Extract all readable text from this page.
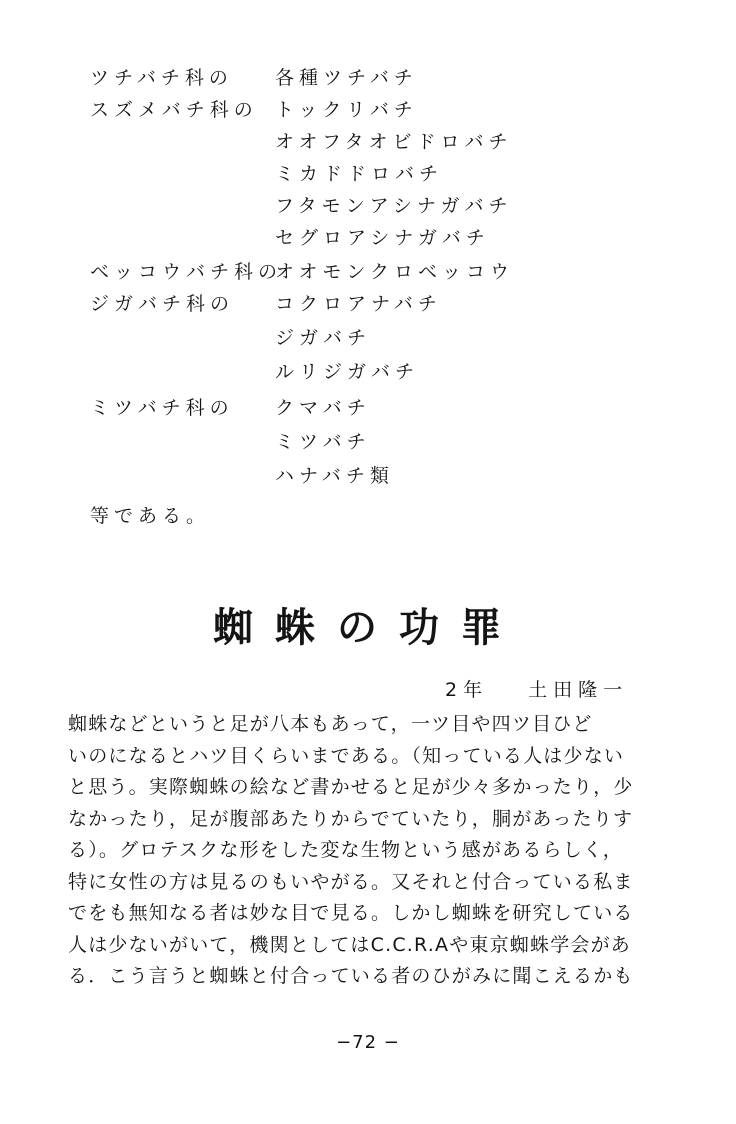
ツチバチ科の 各種ツチバチ
スズメバチ科の トックリバチ
オオフタオビドロバチ
ミカドドロバチ
フタモンアシナガバチ
セグロアシナガバチ
ベッコウバチ科の
オオモンクロベッコウ
ジガバチ科の コクロアナバチ
ジガバチ
ルリジガバチ
ミツバチ科の クマバチ
ミツバチ
ハナバチ類
等である。
蜘蛛の功罪
2年 土田隆一
蜘蛛などというと足が八本もあって，一ツ目や四ツ目ひど
いのになるとハツ目くらいまである。（知っている人は少ない
と思う。実際蜘蛛の絵など書かせると足が少々多かったり，少
なかったり，足が腹部あたりからでていたり，胴があったりす
る）。グロテスクな形をした変な生物という感があるらしく，
特に女性の方は見るのもいやがる。又それと付合っている私ま
でをも無知なる者は妙な目で見る。しかし蜘蛛を研究している
人は少ないがいて，機関としてはC.C.R.Aや東京蜘蛛学会があ
る．こう言うと蜘蛛と付合っている者のひがみに聞こえるかも
−72 −
